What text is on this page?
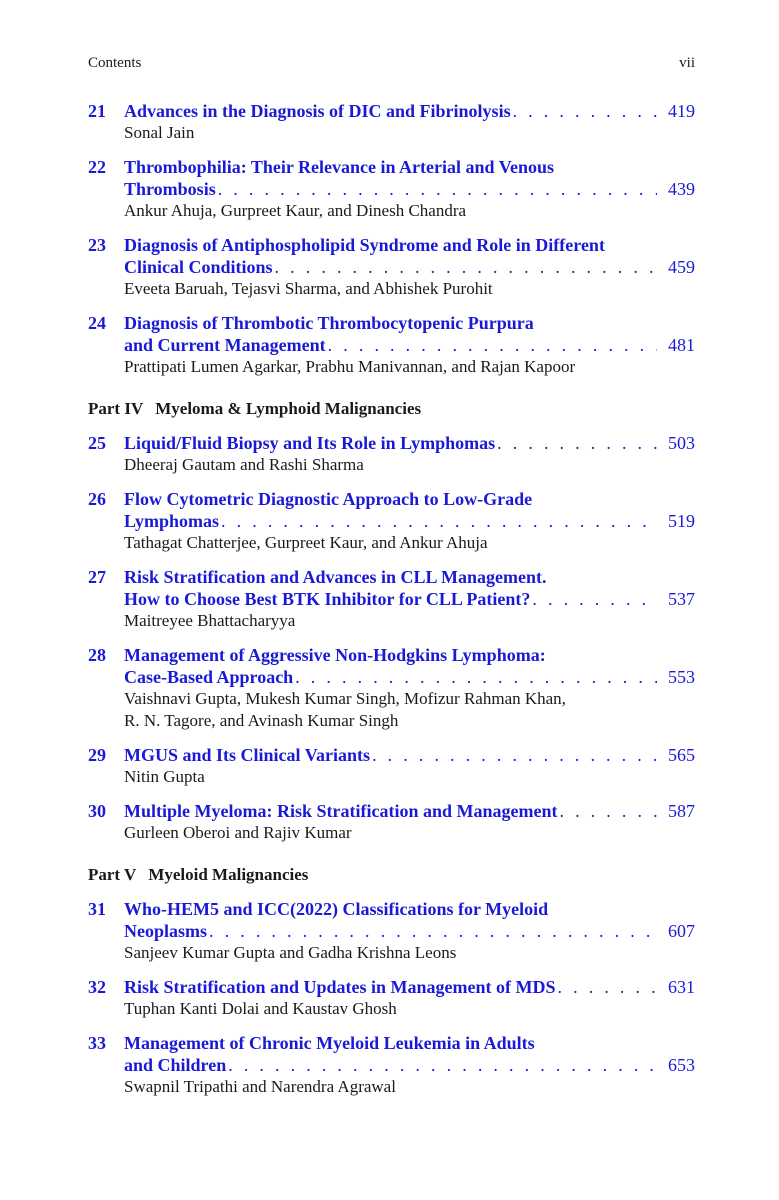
Contents	vii
21	Advances in the Diagnosis of DIC and Fibrinolysis . . .	419
Sonal Jain
22	Thrombophilia: Their Relevance in Arterial and Venous
Thrombosis . . .	439
Ankur Ahuja, Gurpreet Kaur, and Dinesh Chandra
23	Diagnosis of Antiphospholipid Syndrome and Role in Different
Clinical Conditions . . .	459
Eveeta Baruah, Tejasvi Sharma, and Abhishek Purohit
24	Diagnosis of Thrombotic Thrombocytopenic Purpura
and Current Management . . .	481
Prattipati Lumen Agarkar, Prabhu Manivannan, and Rajan Kapoor
Part IV Myeloma & Lymphoid Malignancies
25	Liquid/Fluid Biopsy and Its Role in Lymphomas . . .	503
Dheeraj Gautam and Rashi Sharma
26	Flow Cytometric Diagnostic Approach to Low-Grade
Lymphomas . . .	519
Tathagat Chatterjee, Gurpreet Kaur, and Ankur Ahuja
27	Risk Stratification and Advances in CLL Management.
How to Choose Best BTK Inhibitor for CLL Patient? . . .	537
Maitreyee Bhattacharyya
28	Management of Aggressive Non-Hodgkins Lymphoma:
Case-Based Approach . . .	553
Vaishnavi Gupta, Mukesh Kumar Singh, Mofizur Rahman Khan,
R. N. Tagore, and Avinash Kumar Singh
29	MGUS and Its Clinical Variants . . .	565
Nitin Gupta
30	Multiple Myeloma: Risk Stratification and Management . . .	587
Gurleen Oberoi and Rajiv Kumar
Part V Myeloid Malignancies
31	Who-HEM5 and ICC(2022) Classifications for Myeloid
Neoplasms . . .	607
Sanjeev Kumar Gupta and Gadha Krishna Leons
32	Risk Stratification and Updates in Management of MDS . . .	631
Tuphan Kanti Dolai and Kaustav Ghosh
33	Management of Chronic Myeloid Leukemia in Adults
and Children . . .	653
Swapnil Tripathi and Narendra Agrawal
